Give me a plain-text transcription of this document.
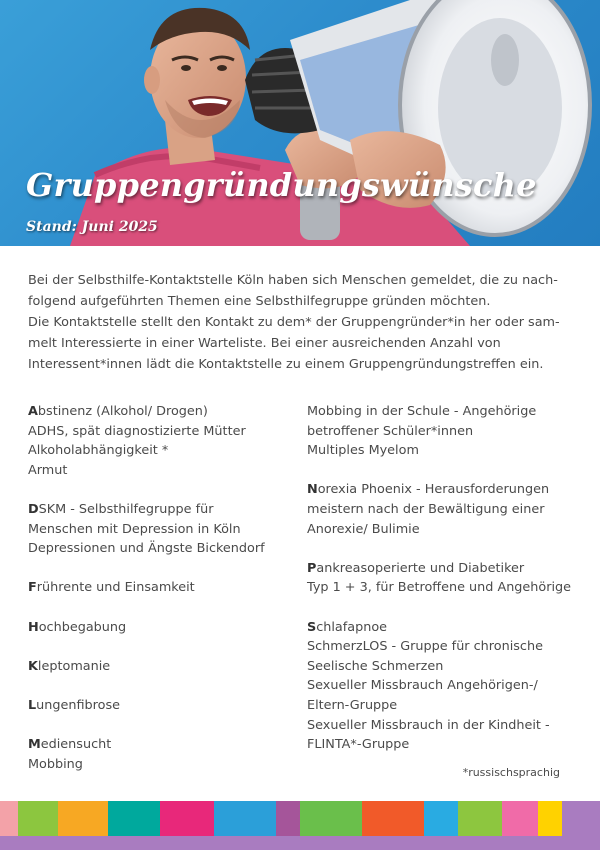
Gruppengründungswünsche
Stand: Juni 2025

Bei der Selbsthilfe-Kontaktstelle Köln haben sich Menschen gemeldet, die zu nach-

folgend aufgeführten Themen eine Selbsthilfegruppe gründen möchten.

Die Kontaktstelle stellt den Kontakt zu dem* der Gruppengründer*in her oder sam-

melt Interessierte in einer Warteliste. Bei einer ausreichenden Anzahl von

Interessent*innen lädt die Kontaktstelle zu einem Gruppengründungstreffen ein.

Abstinenz (Alkohol/ Drogen)
ADHS, spät diagnostizierte Mütter
Alkoholabhängigkeit *
Armut
DSKM - Selbsthilfegruppe für
Menschen mit Depression in Köln
Depressionen und Ängste Bickendorf
Frührente und Einsamkeit
Hochbegabung
Kleptomanie
Lungenfibrose
Mediensucht
Mobbing
Mobbing in der Schule - Angehörige
betroffener Schüler*innen
Multiples Myelom
Norexia Phoenix - Herausforderungen
meistern nach der Bewältigung einer
Anorexie/ Bulimie
Pankreasoperierte und Diabetiker
Typ 1 + 3, für Betroffene und Angehörige
Schlafapnoe
SchmerzLOS - Gruppe für chronische
Seelische Schmerzen
Sexueller Missbrauch Angehörigen-/
Eltern-Gruppe
Sexueller Missbrauch in der Kindheit -
FLINTA*-Gruppe
*russischsprachig
